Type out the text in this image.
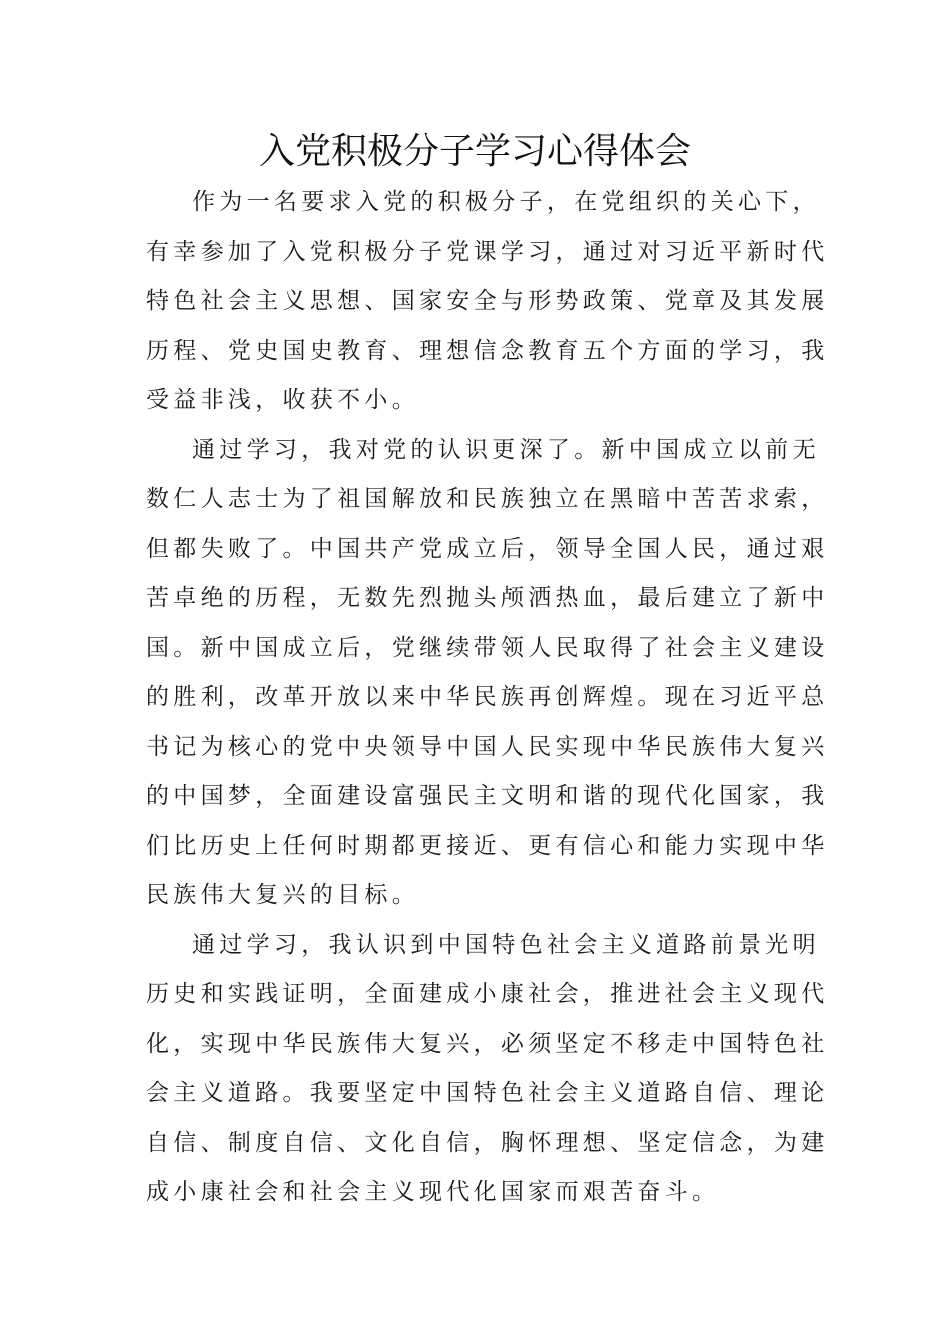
入党积极分子学习心得体会

作为一名要求入党的积极分子，在党组织的关心下，
有幸参加了入党积极分子党课学习，通过对习近平新时代
特色社会主义思想、国家安全与形势政策、党章及其发展
历程、党史国史教育、理想信念教育五个方面的学习，我
受益非浅，收获不小。

通过学习，我对党的认识更深了。新中国成立以前无
数仁人志士为了祖国解放和民族独立在黑暗中苦苦求索，
但都失败了。中国共产党成立后，领导全国人民，通过艰
苦卓绝的历程，无数先烈抛头颅洒热血，最后建立了新中
国。新中国成立后，党继续带领人民取得了社会主义建设
的胜利，改革开放以来中华民族再创辉煌。现在习近平总
书记为核心的党中央领导中国人民实现中华民族伟大复兴
的中国梦，全面建设富强民主文明和谐的现代化国家，我
们比历史上任何时期都更接近、更有信心和能力实现中华
民族伟大复兴的目标。

通过学习，我认识到中国特色社会主义道路前景光明
历史和实践证明，全面建成小康社会，推进社会主义现代
化，实现中华民族伟大复兴，必须坚定不移走中国特色社
会主义道路。我要坚定中国特色社会主义道路自信、理论
自信、制度自信、文化自信，胸怀理想、坚定信念，为建
成小康社会和社会主义现代化国家而艰苦奋斗。
